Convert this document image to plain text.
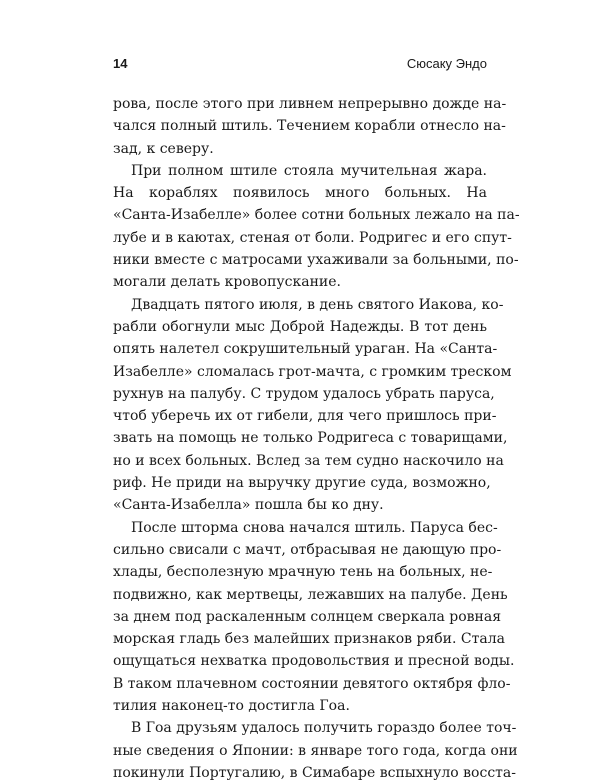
14	Сюсаку Эндо
рова, после этого при ливнем непрерывно дожде на-
чался полный штиль. Течением корабли отнесло на-
зад, к северу.
При полном штиле стояла мучительная жара.
На кораблях появилось много больных. На
«Санта-Изабелле» более сотни больных лежало на па-
лубе и в каютах, стеная от боли. Родригес и его спут-
ники вместе с матросами ухаживали за больными, по-
могали делать кровопускание.
Двадцать пятого июля, в день святого Иакова, ко-
рабли обогнули мыс Доброй Надежды. В тот день
опять налетел сокрушительный ураган. На «Санта-
Изабелле» сломалась грот-мачта, с громким треском
рухнув на палубу. С трудом удалось убрать паруса,
чтоб уберечь их от гибели, для чего пришлось при-
звать на помощь не только Родригеса с товарищами,
но и всех больных. Вслед за тем судно наскочило на
риф. Не приди на выручку другие суда, возможно,
«Санта-Изабелла» пошла бы ко дну.
После шторма снова начался штиль. Паруса бес-
сильно свисали с мачт, отбрасывая не дающую про-
хлады, бесполезную мрачную тень на больных, не-
подвижно, как мертвецы, лежавших на палубе. День
за днем под раскаленным солнцем сверкала ровная
морская гладь без малейших признаков ряби. Стала
ощущаться нехватка продовольствия и пресной воды.
В таком плачевном состоянии девятого октября фло-
тилия наконец-то достигла Гоа.
В Гоа друзьям удалось получить гораздо более точ-
ные сведения о Японии: в январе того года, когда они
покинули Португалию, в Симабаре вспыхнуло восста-
